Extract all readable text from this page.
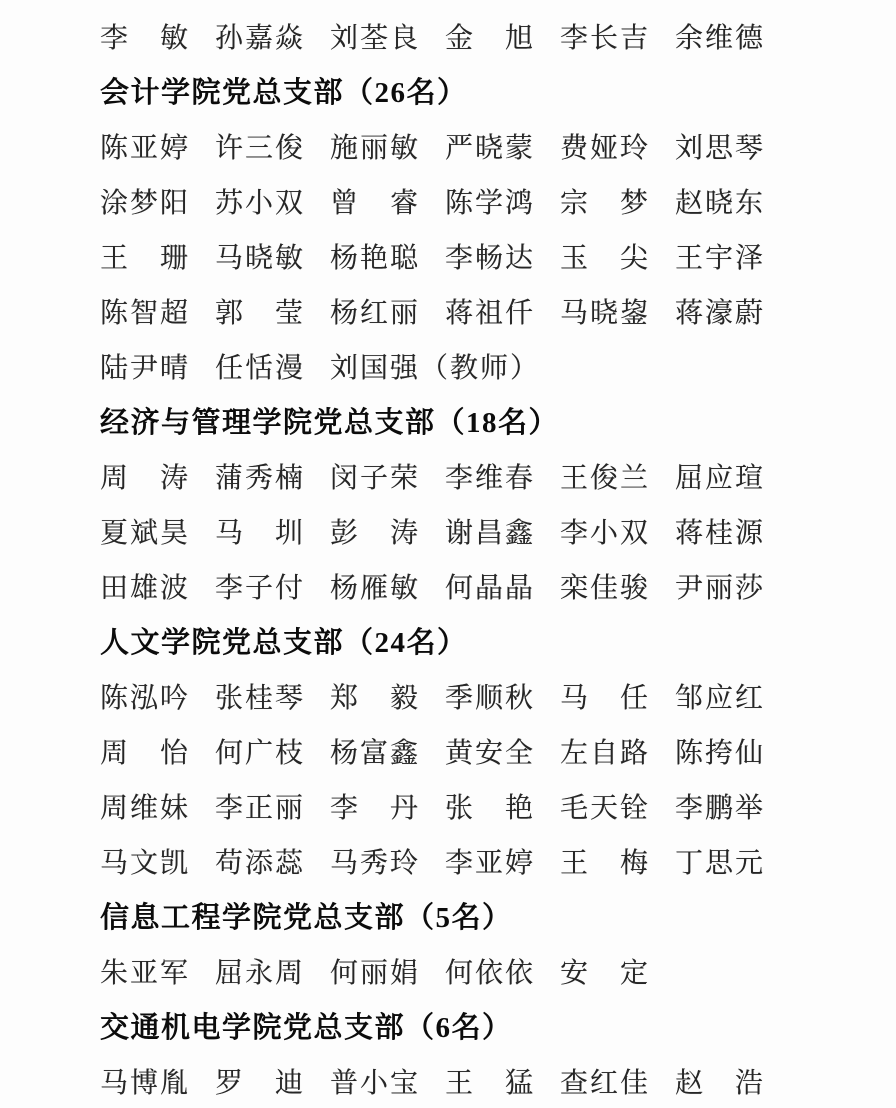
李　敏 孙嘉焱 刘荃良 金　旭 李长吉 余维德
会计学院党总支部（26名）
陈亚婷 许三俊 施丽敏 严晓蒙 费娅玲 刘思琴
涂梦阳 苏小双 曾　睿 陈学鸿 宗　梦 赵晓东
王　珊 马晓敏 杨艳聪 李畅达 玉　尖 王宇泽
陈智超 郭　莹 杨红丽 蒋祖仟 马晓鋆 蒋濠蔚
陆尹晴 任恬漫 刘国强（教师）
经济与管理学院党总支部（18名）
周　涛 蒲秀楠 闵子荣 李维春 王俊兰 屈应瑄
夏斌昊 马　圳 彭　涛 谢昌鑫 李小双 蒋桂源
田雄波 李子付 杨雁敏 何晶晶 栾佳骏 尹丽莎
人文学院党总支部（24名）
陈泓吟 张桂琴 郑　毅 季顺秋 马　任 邹应红
周　怡 何广枝 杨富鑫 黄安全 左自路 陈挎仙
周维妹 李正丽 李　丹 张　艳 毛天铨 李鹏举
马文凯 苟添蕊 马秀玲 李亚婷 王　梅 丁思元
信息工程学院党总支部（5名）
朱亚军 屈永周 何丽娟 何依依 安　定
交通机电学院党总支部（6名）
马博胤 罗　迪 普小宝 王　猛 查红佳 赵　浩
